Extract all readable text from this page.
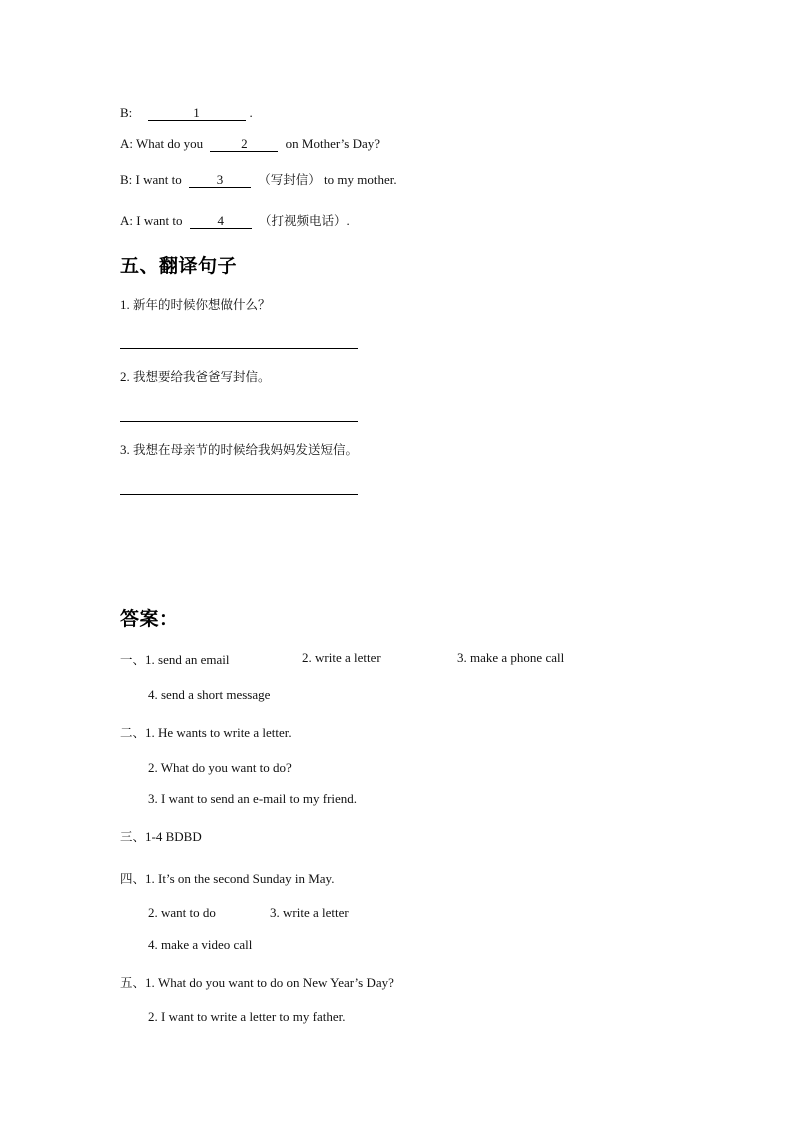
B:	1	.
A: What do you	2	on Mother’s Day?
B: I want to	3	（写封信） to my mother.
A: I want to	4	（打视频电话）.
五、翻译句子
1. 新年的时候你想做什么？
2. 我想要给我爸爸写封信。
3. 我想在母亲节的时候给我妈妈发送短信。
答案：
一、1. send an email	2. write a letter	3. make a phone call
4. send a short message
二、1. He wants to write a letter.
2. What do you want to do?
3. I want to send an e-mail to my friend.
三、1-4 BDBD
四、1. It’s on the second Sunday in May.
2. want to do	3. write a letter
4. make a video call
五、1. What do you want to do on New Year’s Day?
2. I want to write a letter to my father.
